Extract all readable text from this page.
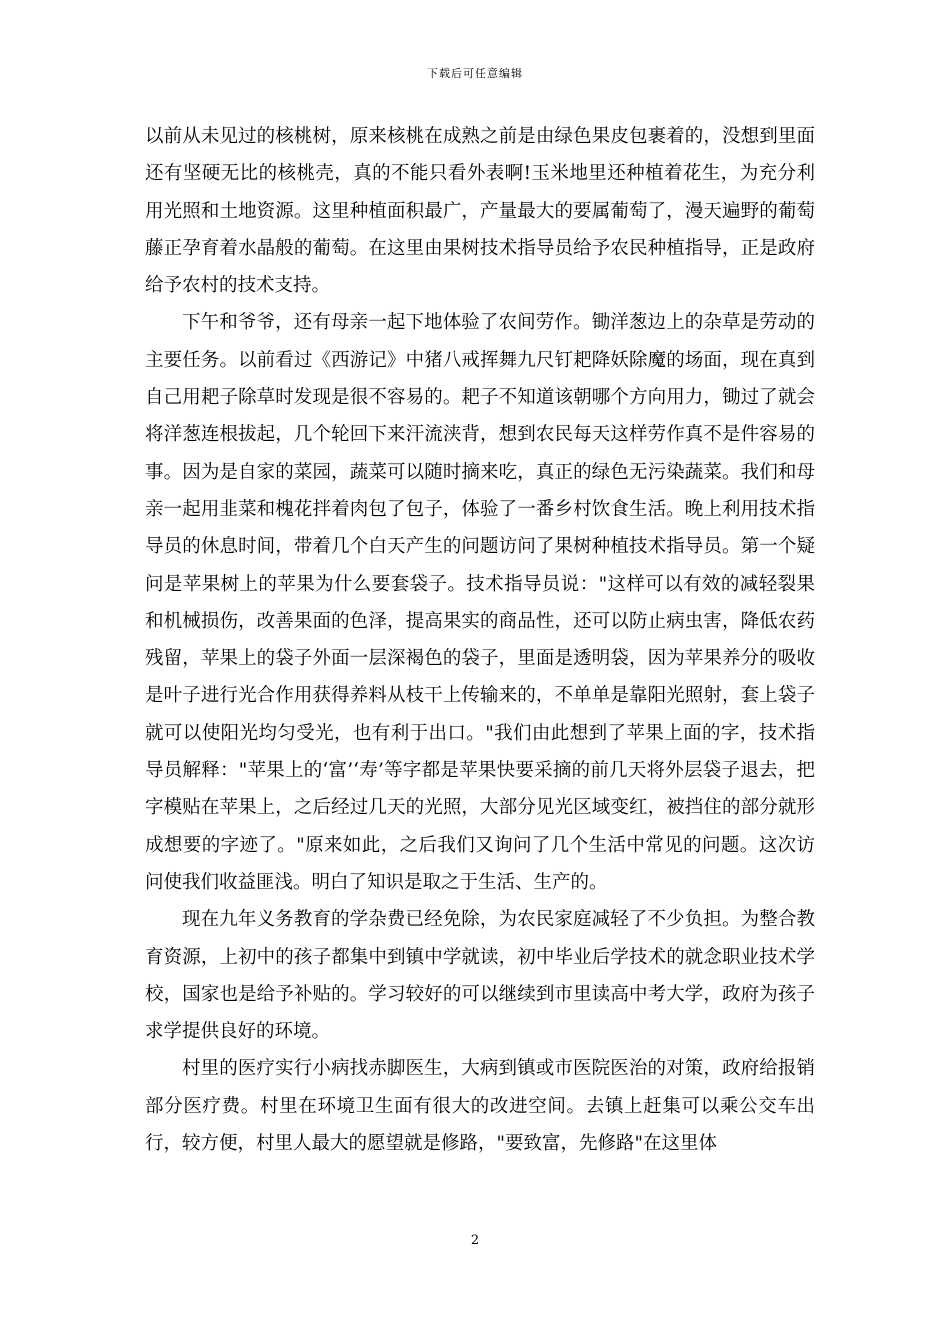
下载后可任意编辑

以前从未见过的核桃树，原来核桃在成熟之前是由绿色果皮包裹着的，没想到里面还有坚硬无比的核桃壳，真的不能只看外表啊!玉米地里还种植着花生，为充分利用光照和土地资源。这里种植面积最广，产量最大的要属葡萄了，漫天遍野的葡萄藤正孕育着水晶般的葡萄。在这里由果树技术指导员给予农民种植指导，正是政府给予农村的技术支持。

下午和爷爷，还有母亲一起下地体验了农间劳作。锄洋葱边上的杂草是劳动的主要任务。以前看过《西游记》中猪八戒挥舞九尺钉耙降妖除魔的场面，现在真到自己用耙子除草时发现是很不容易的。耙子不知道该朝哪个方向用力，锄过了就会将洋葱连根拔起，几个轮回下来汗流浃背，想到农民每天这样劳作真不是件容易的事。因为是自家的菜园，蔬菜可以随时摘来吃，真正的绿色无污染蔬菜。我们和母亲一起用韭菜和槐花拌着肉包了包子，体验了一番乡村饮食生活。晚上利用技术指导员的休息时间，带着几个白天产生的问题访问了果树种植技术指导员。第一个疑问是苹果树上的苹果为什么要套袋子。技术指导员说："这样可以有效的减轻裂果和机械损伤，改善果面的色泽，提高果实的商品性，还可以防止病虫害，降低农药残留，苹果上的袋子外面一层深褐色的袋子，里面是透明袋，因为苹果养分的吸收是叶子进行光合作用获得养料从枝干上传输来的，不单单是靠阳光照射，套上袋子就可以使阳光均匀受光，也有利于出口。"我们由此想到了苹果上面的字，技术指导员解释："苹果上的‘富’‘寿’等字都是苹果快要采摘的前几天将外层袋子退去，把字模贴在苹果上，之后经过几天的光照，大部分见光区域变红，被挡住的部分就形成想要的字迹了。"原来如此，之后我们又询问了几个生活中常见的问题。这次访问使我们收益匪浅。明白了知识是取之于生活、生产的。

现在九年义务教育的学杂费已经免除，为农民家庭减轻了不少负担。为整合教育资源，上初中的孩子都集中到镇中学就读，初中毕业后学技术的就念职业技术学校，国家也是给予补贴的。学习较好的可以继续到市里读高中考大学，政府为孩子求学提供良好的环境。

村里的医疗实行小病找赤脚医生，大病到镇或市医院医治的对策，政府给报销部分医疗费。村里在环境卫生面有很大的改进空间。去镇上赶集可以乘公交车出行，较方便，村里人最大的愿望就是修路，"要致富，先修路"在这里体

2
